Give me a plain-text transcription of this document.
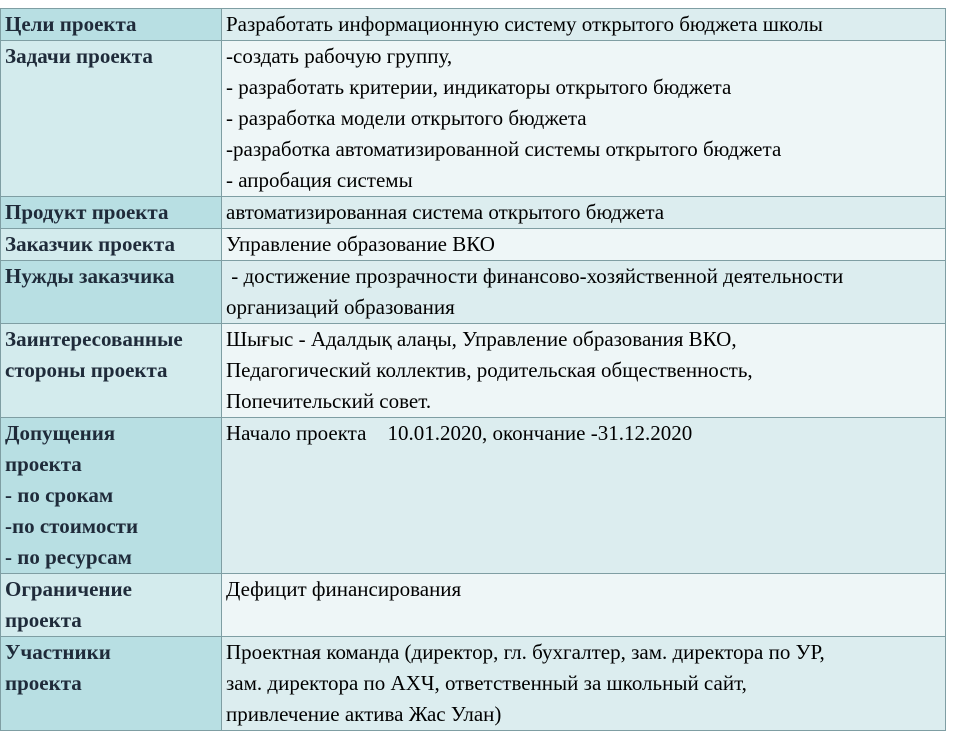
Цели проекта	Разработать информационную систему открытого бюджета школы

Задачи проекта	-создать рабочую группу,
- разработать критерии, индикаторы открытого бюджета
- разработка модели открытого бюджета
-разработка автоматизированной системы открытого бюджета
- апробация системы

Продукт проекта	автоматизированная система открытого бюджета

Заказчик проекта	Управление образование ВКО

Нужды заказчика	- достижение прозрачности финансово-хозяйственной деятельности
организаций образования

Заинтересованные
стороны проекта	Шығыс - Адалдық алаңы, Управление образования ВКО,
Педагогический коллектив, родительская общественность,
Попечительский совет.

Допущения
проекта
- по срокам
-по стоимости
- по ресурсам	Начало проекта    10.01.2020, окончание -31.12.2020

Ограничение
проекта	Дефицит финансирования

Участники
проекта	Проектная команда (директор, гл. бухгалтер, зам. директора по УР,
зам. директора по АХЧ, ответственный за школьный сайт,
привлечение актива Жас Улан)
